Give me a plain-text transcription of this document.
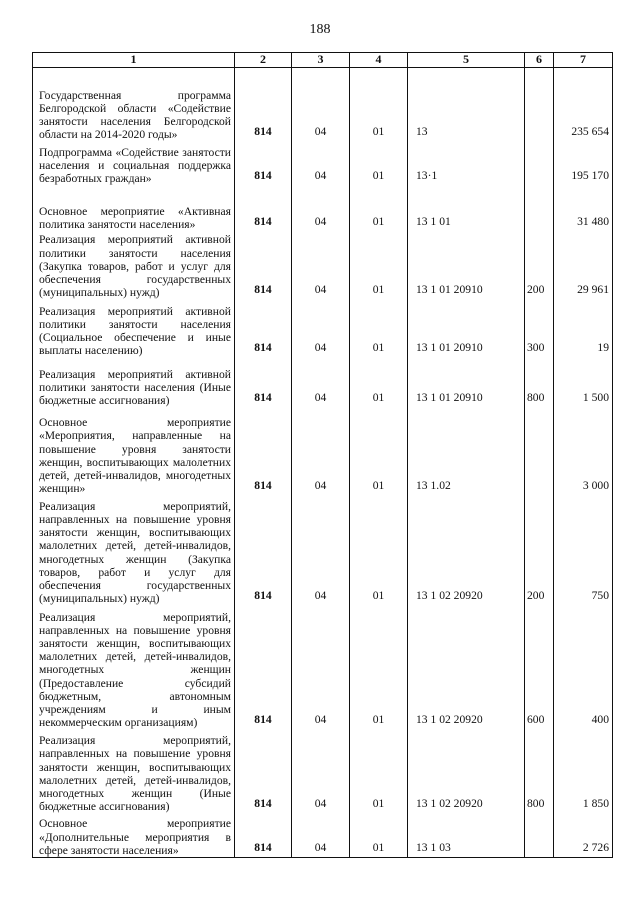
188
1	2	3	4	5	6	7
Государственная программа Белгородской области «Содействие занятости населения Белгородской области на 2014-2020 годы»	814	04	01	13		235 654
Подпрограмма «Содействие занятости населения и социальная поддержка безработных граждан»	814	04	01	13·1		195 170
Основное мероприятие «Активная политика занятости населения»	814	04	01	13 1 01		31 480
Реализация мероприятий активной политики занятости населения (Закупка товаров, работ и услуг для обеспечения государственных (муниципальных) нужд)	814	04	01	13 1 01 20910	200	29 961
Реализация мероприятий активной политики занятости населения (Социальное обеспечение и иные выплаты населению)	814	04	01	13 1 01 20910	300	19
Реализация мероприятий активной политики занятости населения (Иные бюджетные ассигнования)	814	04	01	13 1 01 20910	800	1 500
Основное мероприятие «Мероприятия, направленные на повышение уровня занятости женщин, воспитывающих малолетних детей, детей-инвалидов, многодетных женщин»	814	04	01	13 1.02		3 000
Реализация мероприятий, направленных на повышение уровня занятости женщин, воспитывающих малолетних детей, детей-инвалидов, многодетных женщин (Закупка товаров, работ и услуг для обеспечения государственных (муниципальных) нужд)	814	04	01	13 1 02 20920	200	750
Реализация мероприятий, направленных на повышение уровня занятости женщин, воспитывающих малолетних детей, детей-инвалидов, многодетных женщин (Предоставление субсидий бюджетным, автономным учреждениям и иным некоммерческим организациям)	814	04	01	13 1 02 20920	600	400
Реализация мероприятий, направленных на повышение уровня занятости женщин, воспитывающих малолетних детей, детей-инвалидов, многодетных женщин (Иные бюджетные ассигнования)	814	04	01	13 1 02 20920	800	1 850
Основное мероприятие «Дополнительные мероприятия в сфере занятости населения»	814	04	01	13 1 03		2 726
